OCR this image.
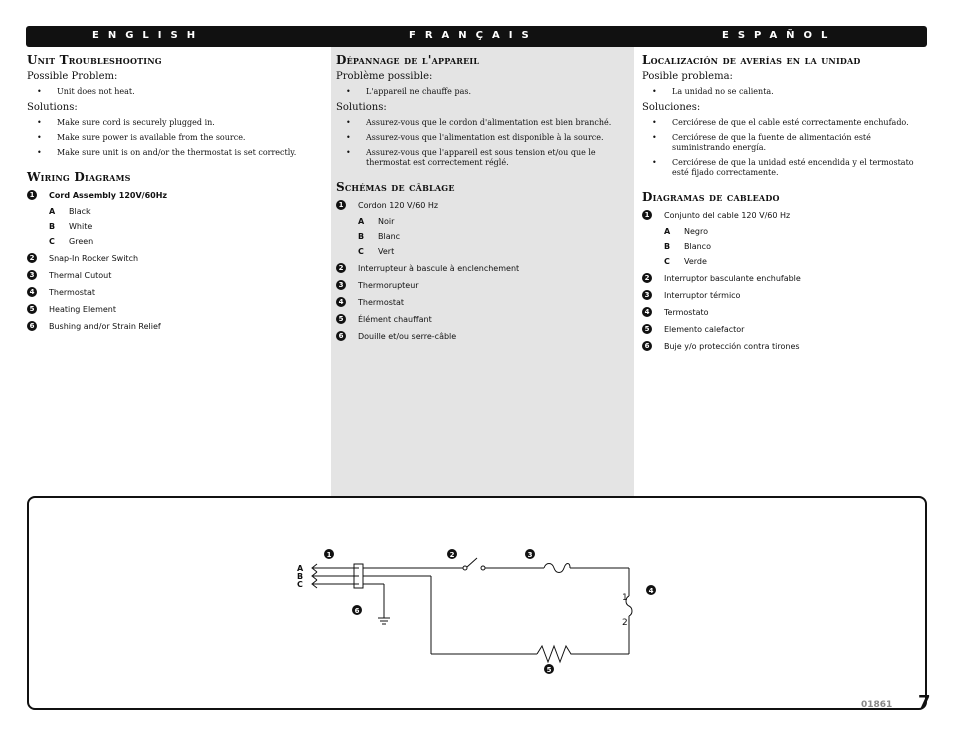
ENGLISH	FRANÇAIS	ESPAÑOL
Unit Troubleshooting
Possible Problem:
• Unit does not heat.
Solutions:
• Make sure cord is securely plugged in.
• Make sure power is available from the source.
• Make sure unit is on and/or the thermostat is set correctly.
Wiring Diagrams
1	Cord Assembly 120V/60Hz
A Black
B White
C Green
2	Snap-In Rocker Switch
3	Thermal Cutout
4	Thermostat
5	Heating Element
6	Bushing and/or Strain Relief
Dépannage de l'appareil
Problème possible:
• L'appareil ne chauffe pas.
Solutions:
• Assurez-vous que le cordon d'alimentation est bien branché.
• Assurez-vous que l'alimentation est disponible à la source.
• Assurez-vous que l'appareil est sous tension et/ou que le thermostat est correctement réglé.
Schémas de câblage
1	Cordon 120 V/60 Hz
A Noir
B Blanc
C Vert
2	Interrupteur à bascule à enclenchement
3	Thermorupteur
4	Thermostat
5	Élément chauffant
6	Douille et/ou serre-câble
Localización de averías en la unidad
Posible problema:
• La unidad no se calienta.
Soluciones:
• Cerciórese de que el cable esté correctamente enchufado.
• Cerciórese de que la fuente de alimentación esté suministrando energía.
• Cerciórese de que la unidad esté encendida y el termostato esté fijado correctamente.
Diagramas de cableado
1	Conjunto del cable 120 V/60 Hz
A Negro
B Blanco
C Verde
2	Interruptor basculante enchufable
3	Interruptor térmico
4	Termostato
5	Elemento calefactor
6	Buje y/o protección contra tirones
A
B
C
1
2
1	2	3
4
5
6
01861 7
